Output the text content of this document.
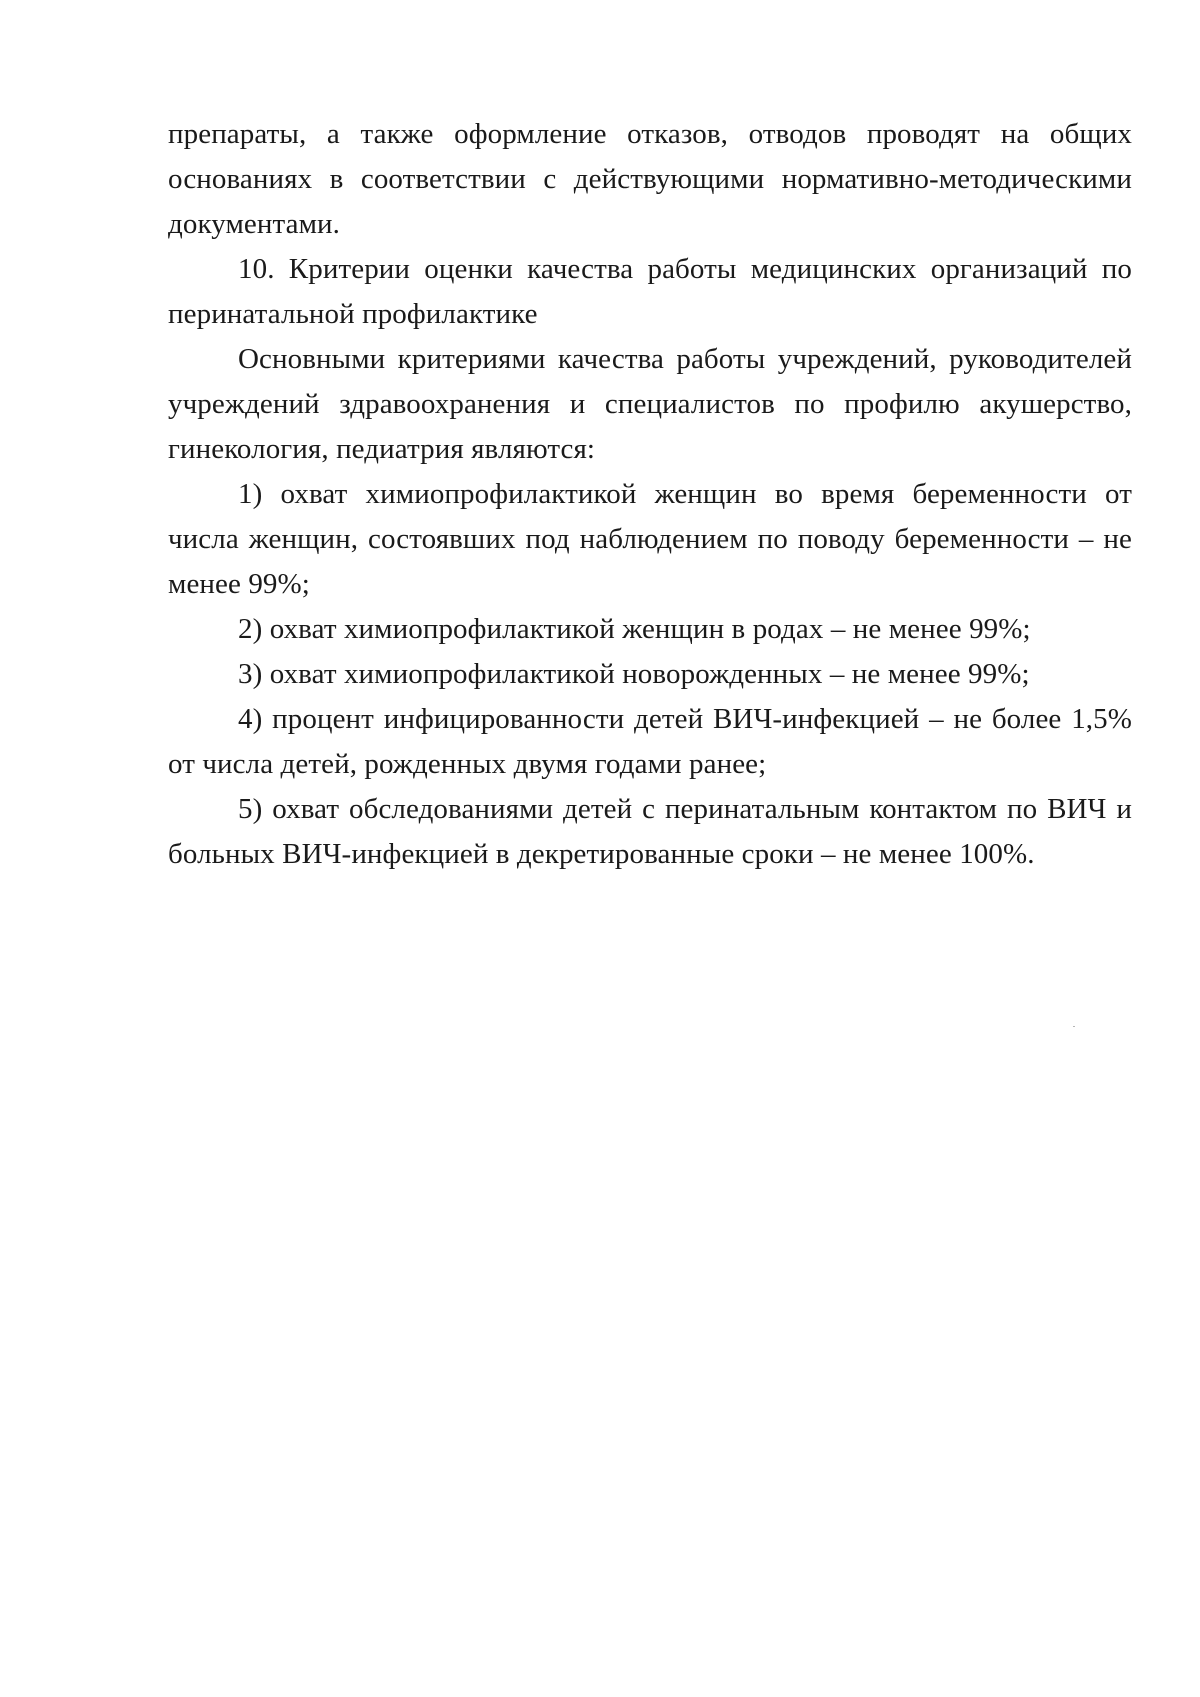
препараты, а также оформление отказов, отводов проводят на общих основаниях в соответствии с действующими нормативно-методическими документами.

10. Критерии оценки качества работы медицинских организаций по перинатальной профилактике

Основными критериями качества работы учреждений, руководителей учреждений здравоохранения и специалистов по профилю акушерство, гинекология, педиатрия являются:

1) охват химиопрофилактикой женщин во время беременности от числа женщин, состоявших под наблюдением по поводу беременности – не менее 99%;

2) охват химиопрофилактикой женщин в родах – не менее 99%;

3) охват химиопрофилактикой новорожденных – не менее 99%;

4) процент инфицированности детей ВИЧ-инфекцией – не более 1,5% от числа детей, рожденных двумя годами ранее;

5) охват обследованиями детей с перинатальным контактом по ВИЧ и больных ВИЧ-инфекцией в декретированные сроки – не менее 100%.
